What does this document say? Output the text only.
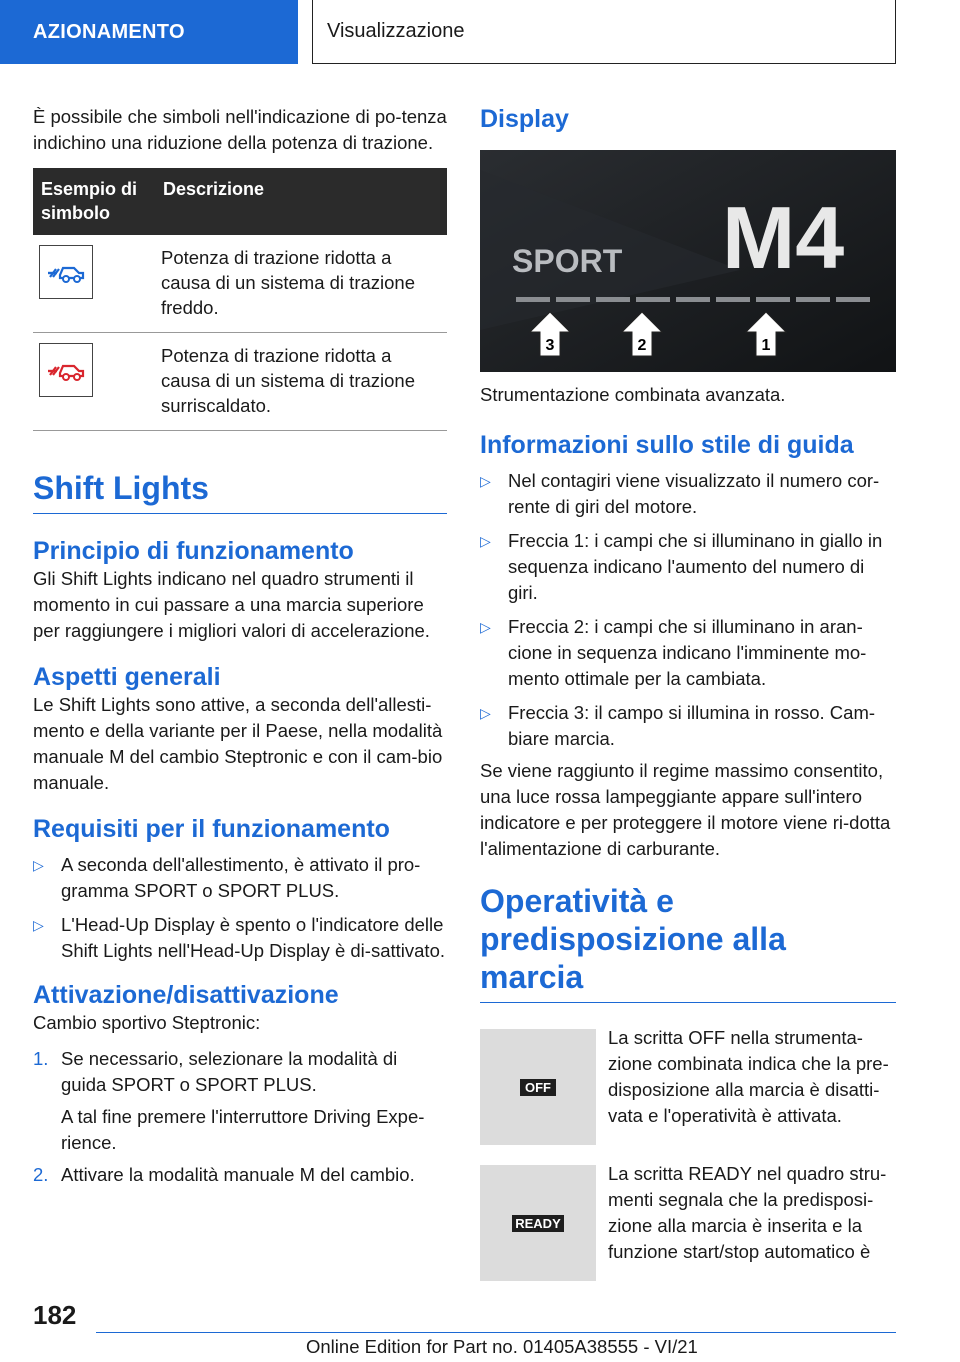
AZIONAMENTO	Visualizzazione

È possibile che simboli nell'indicazione di po-tenza indichino una riduzione della potenza di trazione.

Esempio di simbolo	Descrizione

	Potenza di trazione ridotta a causa di un sistema di trazione freddo.

	Potenza di trazione ridotta a causa di un sistema di trazione surriscaldato.
Shift Lights
Principio di funzionamento

Gli Shift Lights indicano nel quadro strumenti il momento in cui passare a una marcia superiore per raggiungere i migliori valori di accelerazione.

Aspetti generali

Le Shift Lights sono attive, a seconda dell'allesti-mento e della variante per il Paese, nella modalità manuale M del cambio Steptronic e con il cam-bio manuale.

Requisiti per il funzionamento
▷ A seconda dell'allestimento, è attivato il pro-gramma SPORT o SPORT PLUS.
▷ L'Head-Up Display è spento o l'indicatore delle Shift Lights nell'Head-Up Display è di-sattivato.
Attivazione/disattivazione

Cambio sportivo Steptronic:

1. Se necessario, selezionare la modalità di guida SPORT o SPORT PLUS.
A tal fine premere l'interruttore Driving Expe-rience.
2. Attivare la modalità manuale M del cambio.
Display
SPORT M4
3	2	1

Strumentazione combinata avanzata.

Informazioni sullo stile di guida
▷ Nel contagiri viene visualizzato il numero cor-rente di giri del motore.
▷ Freccia 1: i campi che si illuminano in giallo in sequenza indicano l'aumento del numero di giri.
▷ Freccia 2: i campi che si illuminano in aran-cione in sequenza indicano l'imminente mo-mento ottimale per la cambiata.
▷ Freccia 3: il campo si illumina in rosso. Cam-biare marcia.

Se viene raggiunto il regime massimo consentito, una luce rossa lampeggiante appare sull'intero indicatore e per proteggere il motore viene ri-dotta l'alimentazione di carburante.

Operatività e predisposizione alla marcia
OFF

La scritta OFF nella strumenta-zione combinata indica che la pre-disposizione alla marcia è disatti-vata e l'operatività è attivata.

READY

La scritta READY nel quadro stru-menti segnala che la predisposi-zione alla marcia è inserita e la funzione start/stop automatico è

182
Online Edition for Part no. 01405A38555 - VI/21
